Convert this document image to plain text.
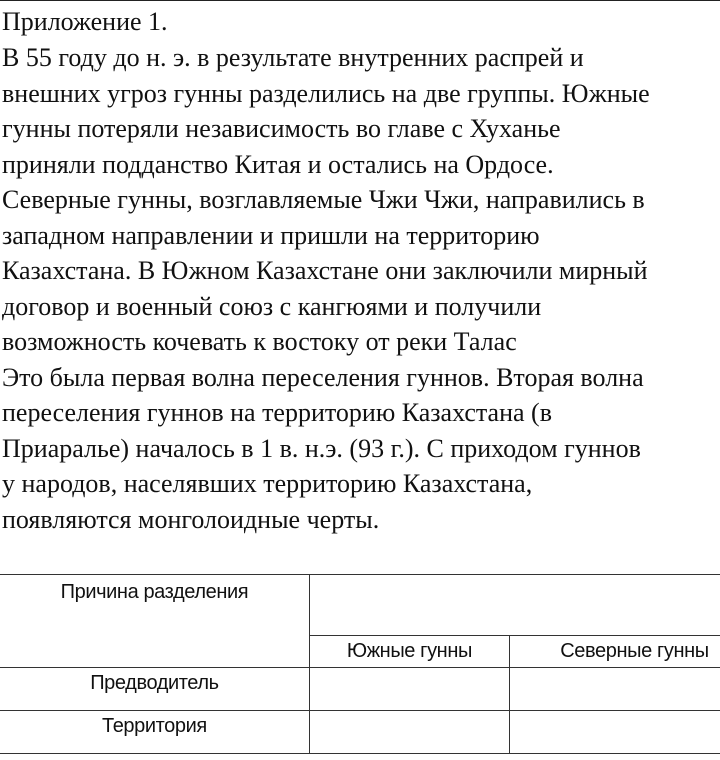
Приложение 1.
В 55 году до н. э. в результате внутренних распрей и
внешних угроз гунны разделились на две группы. Южные
гунны потеряли независимость во главе с Хуханье
приняли подданство Китая и остались на Ордосе.
Северные гунны, возглавляемые Чжи Чжи, направились в
западном направлении и пришли на территорию
Казахстана. В Южном Казахстане они заключили мирный
договор и военный союз с кангюями и получили
возможность кочевать к востоку от реки Талас
Это была первая волна переселения гуннов. Вторая волна
переселения гуннов на территорию Казахстана (в
Приаралье) началось в 1 в. н.э. (93 г.). С приходом гуннов
у народов, населявших территорию Казахстана,
появляются монголоидные черты.
Причина разделения		

	Южные гунны	Северные гунны

Предводитель		

Территория		
